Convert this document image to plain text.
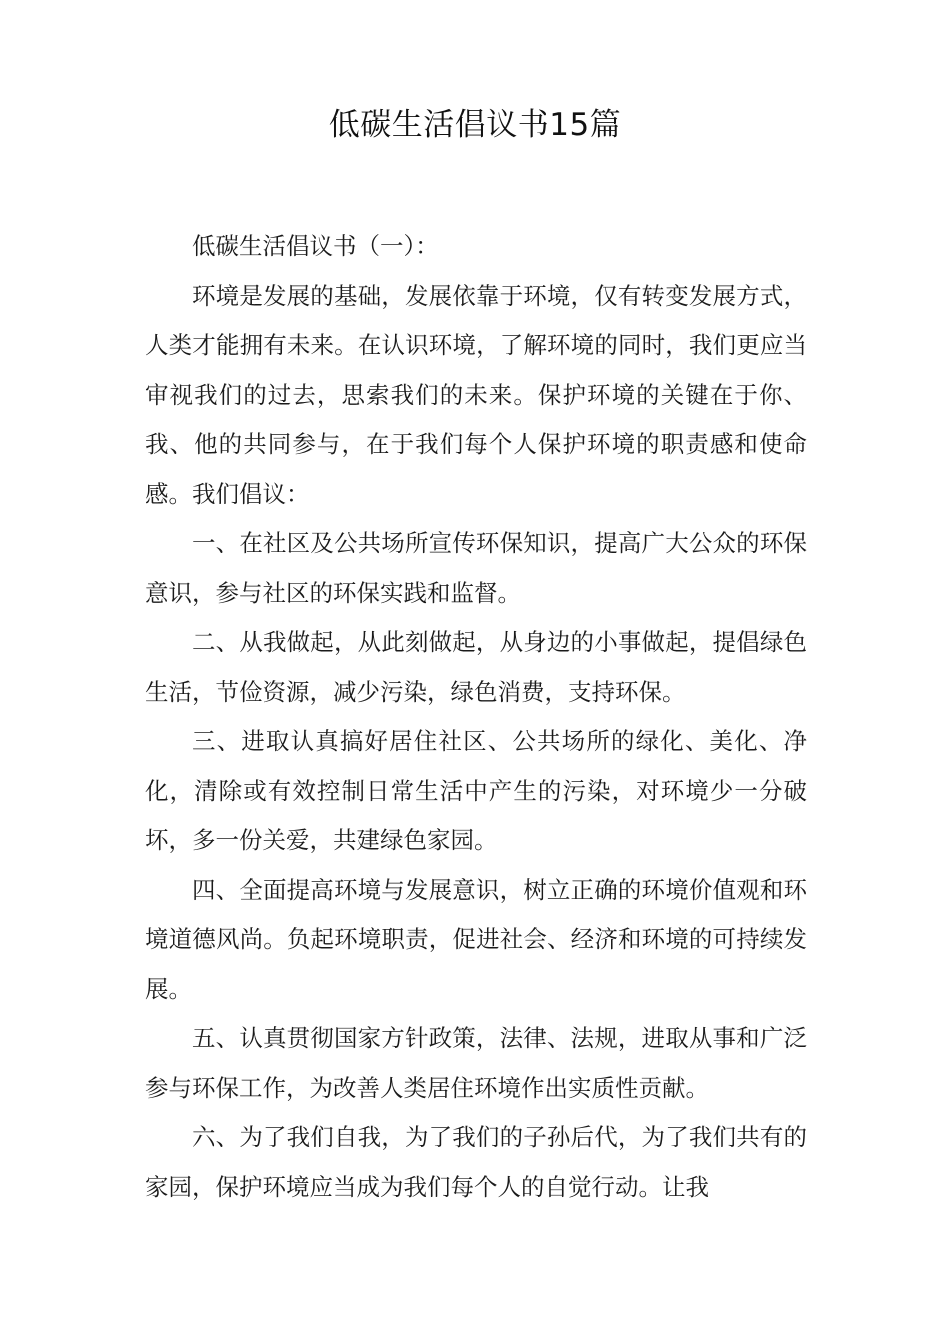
低碳生活倡议书15篇

低碳生活倡议书（一）：

环境是发展的基础，发展依靠于环境，仅有转变发展方式，人类才能拥有未来。在认识环境，了解环境的同时，我们更应当审视我们的过去，思索我们的未来。保护环境的关键在于你、我、他的共同参与，在于我们每个人保护环境的职责感和使命感。我们倡议：

一、在社区及公共场所宣传环保知识，提高广大公众的环保意识，参与社区的环保实践和监督。

二、从我做起，从此刻做起，从身边的小事做起，提倡绿色生活，节俭资源，减少污染，绿色消费，支持环保。

三、进取认真搞好居住社区、公共场所的绿化、美化、净化，清除或有效控制日常生活中产生的污染，对环境少一分破坏，多一份关爱，共建绿色家园。

四、全面提高环境与发展意识，树立正确的环境价值观和环境道德风尚。负起环境职责，促进社会、经济和环境的可持续发展。

五、认真贯彻国家方针政策，法律、法规，进取从事和广泛参与环保工作，为改善人类居住环境作出实质性贡献。

六、为了我们自我，为了我们的子孙后代，为了我们共有的家园，保护环境应当成为我们每个人的自觉行动。让我
